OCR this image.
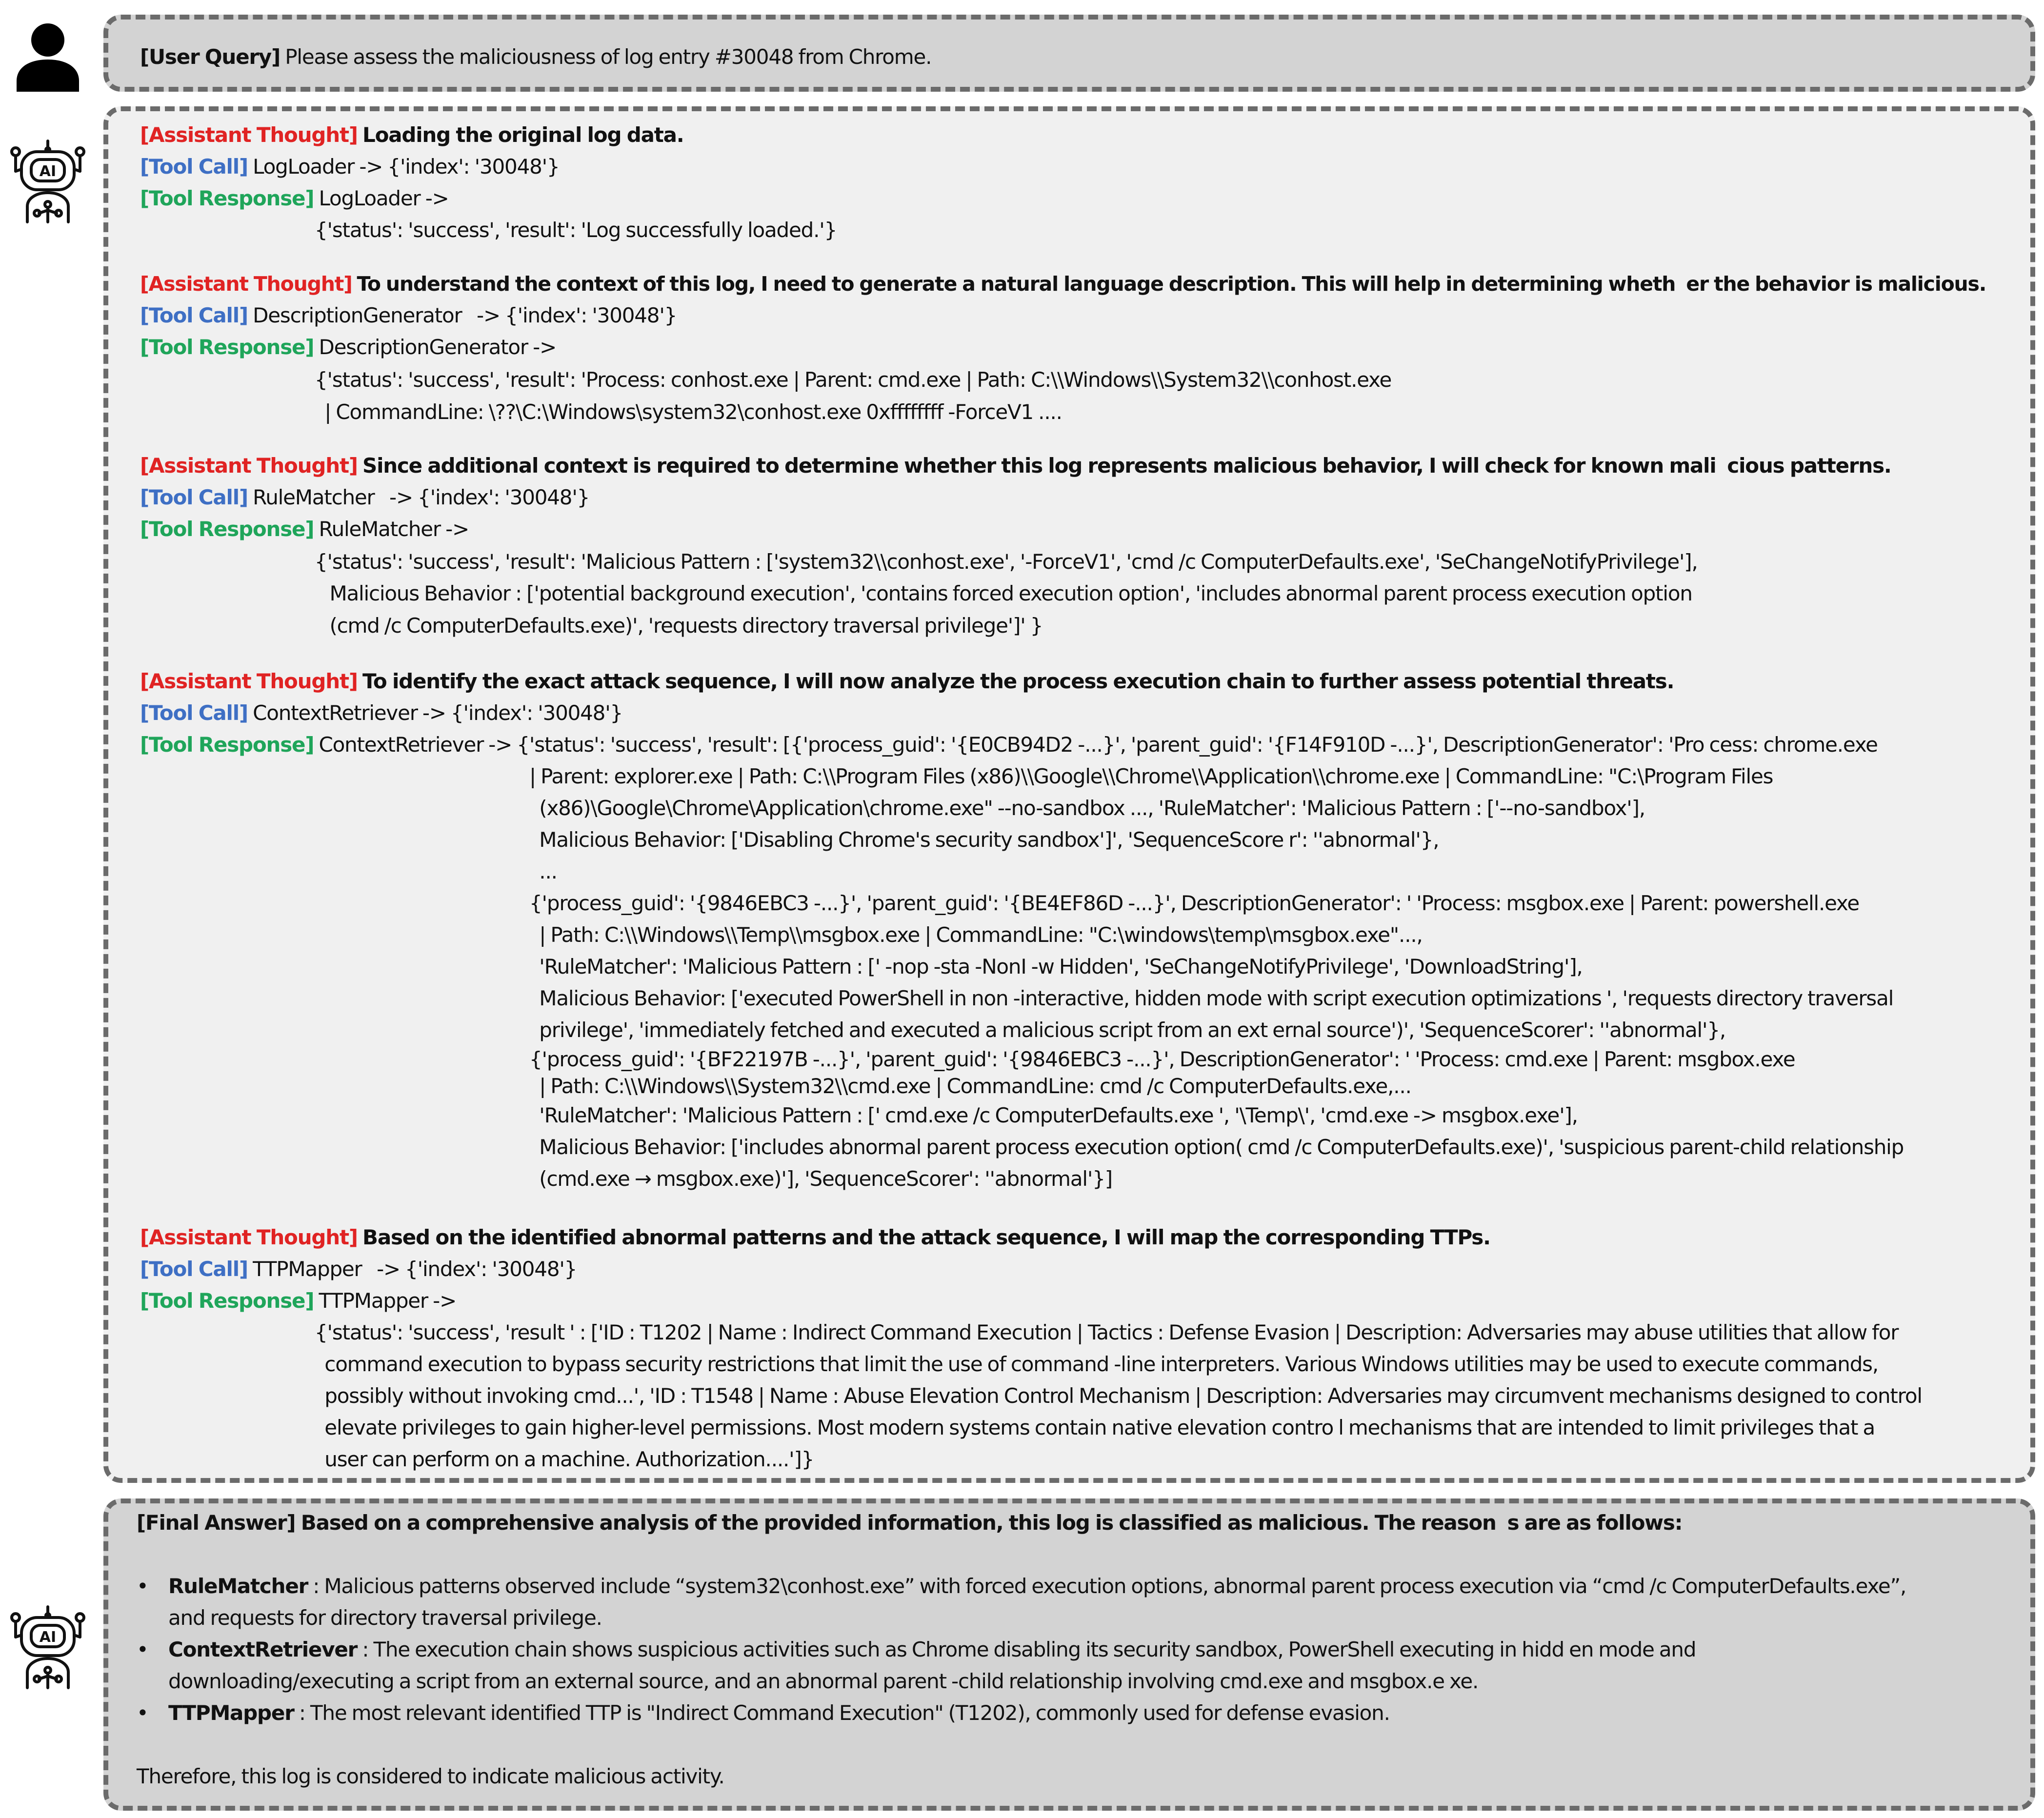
AI
AI
[User Query] Please assess the maliciousness of log entry #30048 from Chrome.
[Assistant Thought] Loading the original log data.
[Tool Call] LogLoader -> {'index': '30048'}
[Tool Response] LogLoader ->
{'status': 'success', 'result': 'Log successfully loaded.'}
[Assistant Thought] To understand the context of this log, I need to generate a natural language description. This will help in determining wheth  er the behavior is malicious.
[Tool Call] DescriptionGenerator   -> {'index': '30048'}
[Tool Response] DescriptionGenerator ->
{'status': 'success', 'result': 'Process: conhost.exe | Parent: cmd.exe | Path: C:\\Windows\\System32\\conhost.exe
| CommandLine: \??\C:\Windows\system32\conhost.exe 0xffffffff -ForceV1 ....
[Assistant Thought] Since additional context is required to determine whether this log represents malicious behavior, I will check for known mali  cious patterns.
[Tool Call] RuleMatcher   -> {'index': '30048'}
[Tool Response] RuleMatcher ->
{'status': 'success', 'result': 'Malicious Pattern : ['system32\\conhost.exe', '-ForceV1', 'cmd /c ComputerDefaults.exe', 'SeChangeNotifyPrivilege'],
Malicious Behavior : ['potential background execution', 'contains forced execution option', 'includes abnormal parent process execution option
(cmd /c ComputerDefaults.exe)', 'requests directory traversal privilege']' }
[Assistant Thought] To identify the exact attack sequence, I will now analyze the process execution chain to further assess potential threats.
[Tool Call] ContextRetriever -> {'index': '30048'}
[Tool Response] ContextRetriever -> {'status': 'success', 'result': [{'process_guid': '{E0CB94D2 -...}', 'parent_guid': '{F14F910D -...}', DescriptionGenerator': 'Pro cess: chrome.exe
| Parent: explorer.exe | Path: C:\\Program Files (x86)\\Google\\Chrome\\Application\\chrome.exe | CommandLine: "C:\Program Files
(x86)\Google\Chrome\Application\chrome.exe" --no-sandbox ..., 'RuleMatcher': 'Malicious Pattern : ['--no-sandbox'],
Malicious Behavior: ['Disabling Chrome's security sandbox']', 'SequenceScore r': ''abnormal'},
...
{'process_guid': '{9846EBC3 -...}', 'parent_guid': '{BE4EF86D -...}', DescriptionGenerator': ' 'Process: msgbox.exe | Parent: powershell.exe
| Path: C:\\Windows\\Temp\\msgbox.exe | CommandLine: "C:\windows\temp\msgbox.exe"...,
'RuleMatcher': 'Malicious Pattern : [' -nop -sta -NonI -w Hidden', 'SeChangeNotifyPrivilege', 'DownloadString'],
Malicious Behavior: ['executed PowerShell in non -interactive, hidden mode with script execution optimizations ', 'requests directory traversal
privilege', 'immediately fetched and executed a malicious script from an ext ernal source')', 'SequenceScorer': ''abnormal'},
{'process_guid': '{BF22197B -...}', 'parent_guid': '{9846EBC3 -...}', DescriptionGenerator': ' 'Process: cmd.exe | Parent: msgbox.exe
| Path: C:\\Windows\\System32\\cmd.exe | CommandLine: cmd /c ComputerDefaults.exe,...
'RuleMatcher': 'Malicious Pattern : [' cmd.exe /c ComputerDefaults.exe ', '\Temp\', 'cmd.exe -> msgbox.exe'],
Malicious Behavior: ['includes abnormal parent process execution option( cmd /c ComputerDefaults.exe)', 'suspicious parent-child relationship
(cmd.exe → msgbox.exe)'], 'SequenceScorer': ''abnormal'}]
[Assistant Thought] Based on the identified abnormal patterns and the attack sequence, I will map the corresponding TTPs.
[Tool Call] TTPMapper   -> {'index': '30048'}
[Tool Response] TTPMapper ->
{'status': 'success', 'result ' : ['ID : T1202 | Name : Indirect Command Execution | Tactics : Defense Evasion | Description: Adversaries may abuse utilities that allow for
command execution to bypass security restrictions that limit the use of command -line interpreters. Various Windows utilities may be used to execute commands,
possibly without invoking cmd...', 'ID : T1548 | Name : Abuse Elevation Control Mechanism | Description: Adversaries may circumvent mechanisms designed to control
elevate privileges to gain higher-level permissions. Most modern systems contain native elevation contro l mechanisms that are intended to limit privileges that a
user can perform on a machine. Authorization....']}
[Final Answer] Based on a comprehensive analysis of the provided information, this log is classified as malicious. The reason  s are as follows:
• RuleMatcher : Malicious patterns observed include “system32\conhost.exe” with forced execution options, abnormal parent process execution via “cmd /c ComputerDefaults.exe”,
and requests for directory traversal privilege.
• ContextRetriever : The execution chain shows suspicious activities such as Chrome disabling its security sandbox, PowerShell executing in hidd en mode and
downloading/executing a script from an external source, and an abnormal parent -child relationship involving cmd.exe and msgbox.e xe.
• TTPMapper : The most relevant identified TTP is "Indirect Command Execution" (T1202), commonly used for defense evasion.
Therefore, this log is considered to indicate malicious activity.
